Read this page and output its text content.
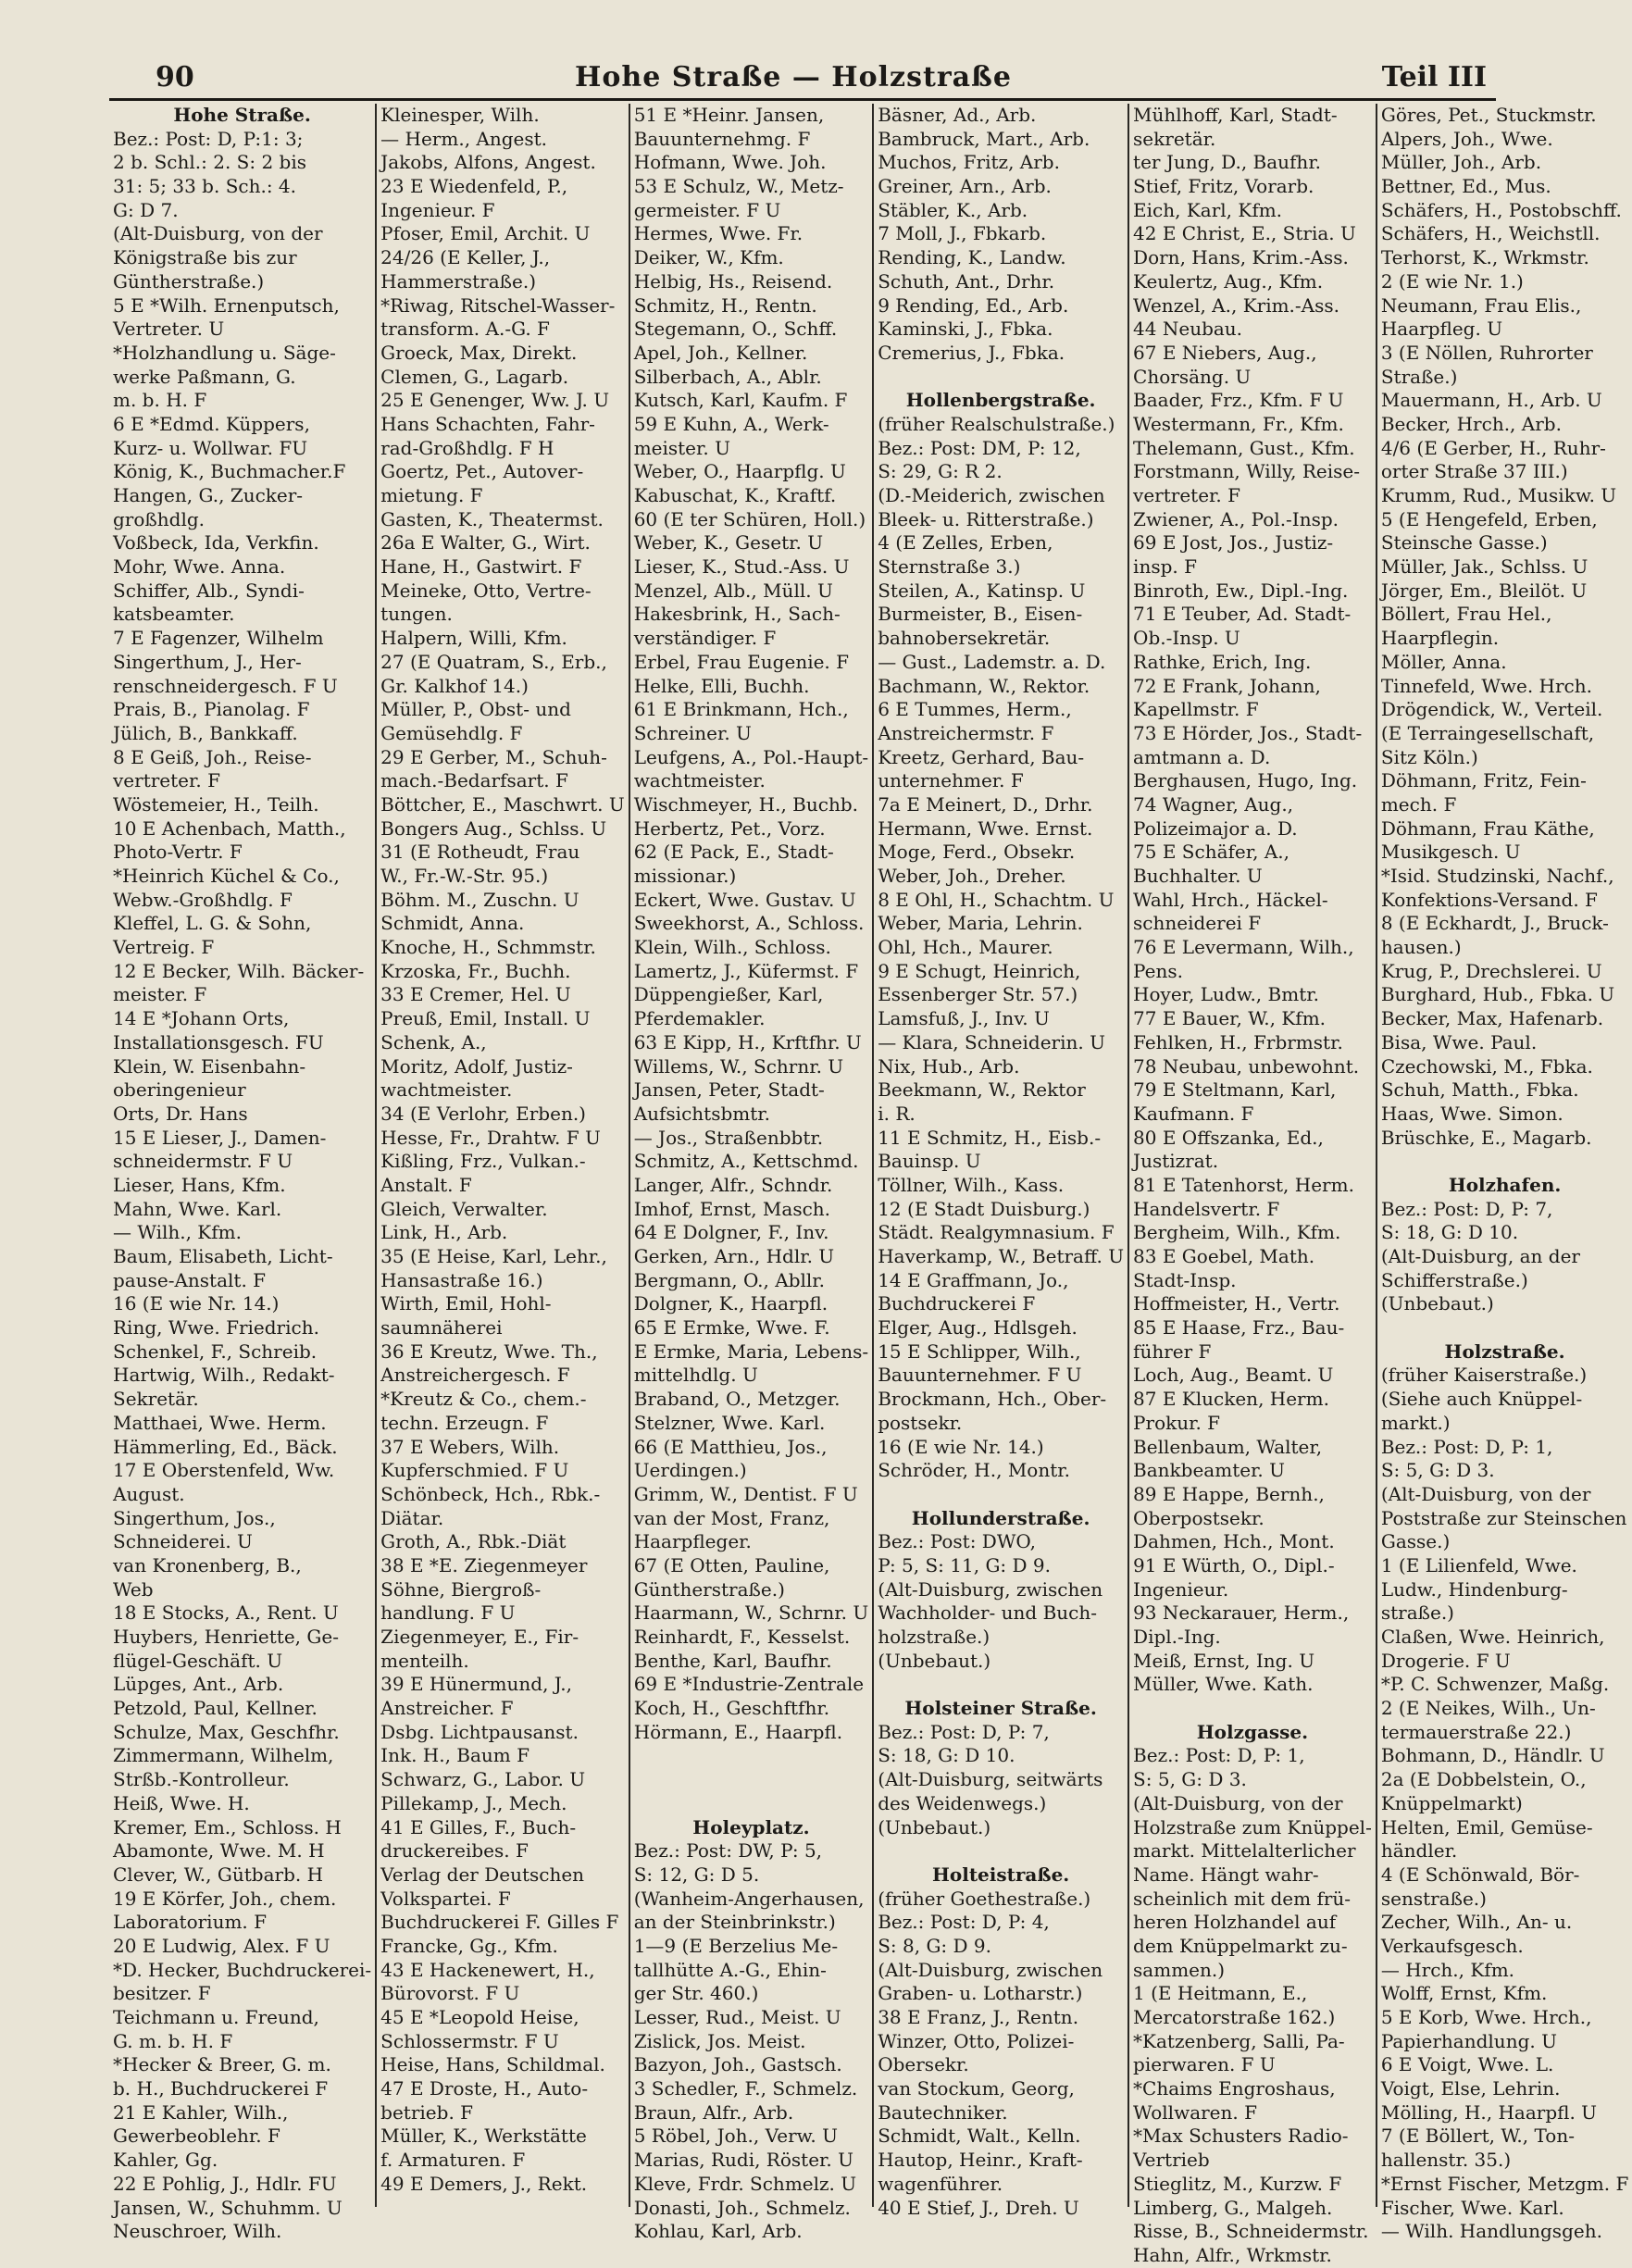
90	Hohe Straße — Holzstraße	Teil III
Hohe Straße.
Bez.: Post: D, P:1: 3;
2 b. Schl.: 2. S: 2 bis
31: 5; 33 b. Sch.: 4.
G: D 7.
(Alt-Duisburg, von der
Königstraße bis zur
Güntherstraße.)
5 E *Wilh. Ernenputsch,
Vertreter. U
*Holzhandlung u. Säge-
werke Paßmann, G.
m. b. H. F
6 E *Edmd. Küppers,
Kurz- u. Wollwar. FU
König, K., Buchmacher.F
Hangen, G., Zucker-
großhdlg.
Voßbeck, Ida, Verkfin.
Mohr, Wwe. Anna.
Schiffer, Alb., Syndi-
katsbeamter.
7 E Fagenzer, Wilhelm
Singerthum, J., Her-
renschneidergesch. F U
Prais, B., Pianolag. F
Jülich, B., Bankkaff.
8 E Geiß, Joh., Reise-
vertreter. F
Wöstemeier, H., Teilh.
10 E Achenbach, Matth.,
Photo-Vertr. F
*Heinrich Küchel & Co.,
Webw.-Großhdlg. F
Kleffel, L. G. & Sohn,
Vertreig. F
12 E Becker, Wilh. Bäcker-
meister. F
14 E *Johann Orts,
Installationsgesch. FU
Klein, W. Eisenbahn-
oberingenieur
Orts, Dr. Hans
15 E Lieser, J., Damen-
schneidermstr. F U
Lieser, Hans, Kfm.
Mahn, Wwe. Karl.
— Wilh., Kfm.
Baum, Elisabeth, Licht-
pause-Anstalt. F
16 (E wie Nr. 14.)
Ring, Wwe. Friedrich.
Schenkel, F., Schreib.
Hartwig, Wilh., Redakt-
Sekretär.
Matthaei, Wwe. Herm.
Hämmerling, Ed., Bäck.
17 E Oberstenfeld, Ww.
August.
Singerthum, Jos.,
Schneiderei. U
van Kronenberg, B.,
Web
18 E Stocks, A., Rent. U
Huybers, Henriette, Ge-
flügel-Geschäft. U
Lüpges, Ant., Arb.
Petzold, Paul, Kellner.
Schulze, Max, Geschfhr.
Zimmermann, Wilhelm,
Strßb.-Kontrolleur.
Heiß, Wwe. H.
Kremer, Em., Schloss. H
Abamonte, Wwe. M. H
Clever, W., Gütbarb. H
19 E Körfer, Joh., chem.
Laboratorium. F
20 E Ludwig, Alex. F U
*D. Hecker, Buchdruckerei-
besitzer. F
Teichmann u. Freund,
G. m. b. H. F
*Hecker & Breer, G. m.
b. H., Buchdruckerei F
21 E Kahler, Wilh.,
Gewerbeoblehr. F
Kahler, Gg.
22 E Pohlig, J., Hdlr. FU
Jansen, W., Schuhmm. U
Neuschroer, Wilh.
Kleinesper, Wilh.
— Herm., Angest.
Jakobs, Alfons, Angest.
23 E Wiedenfeld, P.,
Ingenieur. F
Pfoser, Emil, Archit. U
24/26 (E Keller, J.,
Hammerstraße.)
*Riwag, Ritschel-Wasser-
transform. A.-G. F
Groeck, Max, Direkt.
Clemen, G., Lagarb.
25 E Genenger, Ww. J. U
Hans Schachten, Fahr-
rad-Großhdlg. F H
Goertz, Pet., Autover-
mietung. F
Gasten, K., Theatermst.
26a E Walter, G., Wirt.
Hane, H., Gastwirt. F
Meineke, Otto, Vertre-
tungen.
Halpern, Willi, Kfm.
27 (E Quatram, S., Erb.,
Gr. Kalkhof 14.)
Müller, P., Obst- und
Gemüsehdlg. F
29 E Gerber, M., Schuh-
mach.-Bedarfsart. F
Böttcher, E., Maschwrt. U
Bongers Aug., Schlss. U
31 (E Rotheudt, Frau
W., Fr.-W.-Str. 95.)
Böhm. M., Zuschn. U
Schmidt, Anna.
Knoche, H., Schmmstr.
Krzoska, Fr., Buchh.
33 E Cremer, Hel. U
Preuß, Emil, Install. U
Schenk, A.,
Moritz, Adolf, Justiz-
wachtmeister.
34 (E Verlohr, Erben.)
Hesse, Fr., Drahtw. F U
Kißling, Frz., Vulkan.-
Anstalt. F
Gleich, Verwalter.
Link, H., Arb.
35 (E Heise, Karl, Lehr.,
Hansastraße 16.)
Wirth, Emil, Hohl-
saumnäherei
36 E Kreutz, Wwe. Th.,
Anstreichergesch. F
*Kreutz & Co., chem.-
techn. Erzeugn. F
37 E Webers, Wilh.
Kupferschmied. F U
Schönbeck, Hch., Rbk.-
Diätar.
Groth, A., Rbk.-Diät
38 E *E. Ziegenmeyer
Söhne, Biergroß-
handlung. F U
Ziegenmeyer, E., Fir-
menteilh.
39 E Hünermund, J.,
Anstreicher. F
Dsbg. Lichtpausanst.
Ink. H., Baum F
Schwarz, G., Labor. U
Pillekamp, J., Mech.
41 E Gilles, F., Buch-
druckereibes. F
Verlag der Deutschen
Volkspartei. F
Buchdruckerei F. Gilles F
Francke, Gg., Kfm.
43 E Hackenewert, H.,
Bürovorst. F U
45 E *Leopold Heise,
Schlossermstr. F U
Heise, Hans, Schildmal.
47 E Droste, H., Auto-
betrieb. F
Müller, K., Werkstätte
f. Armaturen. F
49 E Demers, J., Rekt.
51 E *Heinr. Jansen,
Bauunternehmg. F
Hofmann, Wwe. Joh.
53 E Schulz, W., Metz-
germeister. F U
Hermes, Wwe. Fr.
Deiker, W., Kfm.
Helbig, Hs., Reisend.
Schmitz, H., Rentn.
Stegemann, O., Schff.
Apel, Joh., Kellner.
Silberbach, A., Ablr.
Kutsch, Karl, Kaufm. F
59 E Kuhn, A., Werk-
meister. U
Weber, O., Haarpflg. U
Kabuschat, K., Kraftf.
60 (E ter Schüren, Holl.)
Weber, K., Gesetr. U
Lieser, K., Stud.-Ass. U
Menzel, Alb., Müll. U
Hakesbrink, H., Sach-
verständiger. F
Erbel, Frau Eugenie. F
Helke, Elli, Buchh.
61 E Brinkmann, Hch.,
Schreiner. U
Leufgens, A., Pol.-Haupt-
wachtmeister.
Wischmeyer, H., Buchb.
Herbertz, Pet., Vorz.
62 (E Pack, E., Stadt-
missionar.)
Eckert, Wwe. Gustav. U
Sweekhorst, A., Schloss.
Klein, Wilh., Schloss.
Lamertz, J., Küfermst. F
Düppengießer, Karl,
Pferdemakler.
63 E Kipp, H., Krftfhr. U
Willems, W., Schrnr. U
Jansen, Peter, Stadt-
Aufsichtsbmtr.
— Jos., Straßenbbtr.
Schmitz, A., Kettschmd.
Langer, Alfr., Schndr.
Imhof, Ernst, Masch.
64 E Dolgner, F., Inv.
Gerken, Arn., Hdlr. U
Bergmann, O., Abllr.
Dolgner, K., Haarpfl.
65 E Ermke, Wwe. F.
E Ermke, Maria, Lebens-
mittelhdlg. U
Braband, O., Metzger.
Stelzner, Wwe. Karl.
66 (E Matthieu, Jos.,
Uerdingen.)
Grimm, W., Dentist. F U
van der Most, Franz,
Haarpfleger.
67 (E Otten, Pauline,
Güntherstraße.)
Haarmann, W., Schrnr. U
Reinhardt, F., Kesselst.
Benthe, Karl, Baufhr.
69 E *Industrie-Zentrale
Koch, H., Geschftfhr.
Hörmann, E., Haarpfl.

Holeyplatz.
Bez.: Post: DW, P: 5,
S: 12, G: D 5.
(Wanheim-Angerhausen,
an der Steinbrinkstr.)
1—9 (E Berzelius Me-
tallhütte A.-G., Ehin-
ger Str. 460.)
Lesser, Rud., Meist. U
Zislick, Jos. Meist.
Bazyon, Joh., Gastsch.
3 Schedler, F., Schmelz.
Braun, Alfr., Arb.
5 Röbel, Joh., Verw. U
Marias, Rudi, Röster. U
Kleve, Frdr. Schmelz. U
Donasti, Joh., Schmelz.
Kohlau, Karl, Arb.
Bäsner, Ad., Arb.
Bambruck, Mart., Arb.
Muchos, Fritz, Arb.
Greiner, Arn., Arb.
Stäbler, K., Arb.
7 Moll, J., Fbkarb.
Rending, K., Landw.
Schuth, Ant., Drhr.
9 Rending, Ed., Arb.
Kaminski, J., Fbka.
Cremerius, J., Fbka.

Hollenbergstraße.
(früher Realschulstraße.)
Bez.: Post: DM, P: 12,
S: 29, G: R 2.
(D.-Meiderich, zwischen
Bleek- u. Ritterstraße.)
4 (E Zelles, Erben,
Sternstraße 3.)
Steilen, A., Katinsp. U
Burmeister, B., Eisen-
bahnobersekretär.
— Gust., Lademstr. a. D.
Bachmann, W., Rektor.
6 E Tummes, Herm.,
Anstreichermstr. F
Kreetz, Gerhard, Bau-
unternehmer. F
7a E Meinert, D., Drhr.
Hermann, Wwe. Ernst.
Moge, Ferd., Obsekr.
Weber, Joh., Dreher.
8 E Ohl, H., Schachtm. U
Weber, Maria, Lehrin.
Ohl, Hch., Maurer.
9 E Schugt, Heinrich,
Essenberger Str. 57.)
Lamsfuß, J., Inv. U
— Klara, Schneiderin. U
Nix, Hub., Arb.
Beekmann, W., Rektor
i. R.
11 E Schmitz, H., Eisb.-
Bauinsp. U
Töllner, Wilh., Kass.
12 (E Stadt Duisburg.)
Städt. Realgymnasium. F
Haverkamp, W., Betraff. U
14 E Graffmann, Jo.,
Buchdruckerei F
Elger, Aug., Hdlsgeh.
15 E Schlipper, Wilh.,
Bauunternehmer. F U
Brockmann, Hch., Ober-
postsekr.
16 (E wie Nr. 14.)
Schröder, H., Montr.

Hollunderstraße.
Bez.: Post: DWO,
P: 5, S: 11, G: D 9.
(Alt-Duisburg, zwischen
Wachholder- und Buch-
holzstraße.)
(Unbebaut.)

Holsteiner Straße.
Bez.: Post: D, P: 7,
S: 18, G: D 10.
(Alt-Duisburg, seitwärts
des Weidenwegs.)
(Unbebaut.)

Holteistraße.
(früher Goethestraße.)
Bez.: Post: D, P: 4,
S: 8, G: D 9.
(Alt-Duisburg, zwischen
Graben- u. Lotharstr.)
38 E Franz, J., Rentn.
Winzer, Otto, Polizei-
Obersekr.
van Stockum, Georg,
Bautechniker.
Schmidt, Walt., Kelln.
Hautop, Heinr., Kraft-
wagenführer.
40 E Stief, J., Dreh. U
Mühlhoff, Karl, Stadt-
sekretär.
ter Jung, D., Baufhr.
Stief, Fritz, Vorarb.
Eich, Karl, Kfm.
42 E Christ, E., Stria. U
Dorn, Hans, Krim.-Ass.
Keulertz, Aug., Kfm.
Wenzel, A., Krim.-Ass.
44 Neubau.
67 E Niebers, Aug.,
Chorsäng. U
Baader, Frz., Kfm. F U
Westermann, Fr., Kfm.
Thelemann, Gust., Kfm.
Forstmann, Willy, Reise-
vertreter. F
Zwiener, A., Pol.-Insp.
69 E Jost, Jos., Justiz-
insp. F
Binroth, Ew., Dipl.-Ing.
71 E Teuber, Ad. Stadt-
Ob.-Insp. U
Rathke, Erich, Ing.
72 E Frank, Johann,
Kapellmstr. F
73 E Hörder, Jos., Stadt-
amtmann a. D.
Berghausen, Hugo, Ing.
74 Wagner, Aug.,
Polizeimajor a. D.
75 E Schäfer, A.,
Buchhalter. U
Wahl, Hrch., Häckel-
schneiderei F
76 E Levermann, Wilh.,
Pens.
Hoyer, Ludw., Bmtr.
77 E Bauer, W., Kfm.
Fehlken, H., Frbrmstr.
78 Neubau, unbewohnt.
79 E Steltmann, Karl,
Kaufmann. F
80 E Offszanka, Ed.,
Justizrat.
81 E Tatenhorst, Herm.
Handelsvertr. F
Bergheim, Wilh., Kfm.
83 E Goebel, Math.
Stadt-Insp.
Hoffmeister, H., Vertr.
85 E Haase, Frz., Bau-
führer F
Loch, Aug., Beamt. U
87 E Klucken, Herm.
Prokur. F
Bellenbaum, Walter,
Bankbeamter. U
89 E Happe, Bernh.,
Oberpostsekr.
Dahmen, Hch., Mont.
91 E Würth, O., Dipl.-
Ingenieur.
93 Neckarauer, Herm.,
Dipl.-Ing.
Meiß, Ernst, Ing. U
Müller, Wwe. Kath.

Holzgasse.
Bez.: Post: D, P: 1,
S: 5, G: D 3.
(Alt-Duisburg, von der
Holzstraße zum Knüppel-
markt. Mittelalterlicher
Name. Hängt wahr-
scheinlich mit dem frü-
heren Holzhandel auf
dem Knüppelmarkt zu-
sammen.)
1 (E Heitmann, E.,
Mercatorstraße 162.)
*Katzenberg, Salli, Pa-
pierwaren. F U
*Chaims Engroshaus,
Wollwaren. F
*Max Schusters Radio-
Vertrieb
Stieglitz, M., Kurzw. F
Limberg, G., Malgeh.
Risse, B., Schneidermstr.
Hahn, Alfr., Wrkmstr.
Göres, Pet., Stuckmstr.
Alpers, Joh., Wwe.
Müller, Joh., Arb.
Bettner, Ed., Mus.
Schäfers, H., Postobschff.
Schäfers, H., Weichstll.
Terhorst, K., Wrkmstr.
2 (E wie Nr. 1.)
Neumann, Frau Elis.,
Haarpfleg. U
3 (E Nöllen, Ruhrorter
Straße.)
Mauermann, H., Arb. U
Becker, Hrch., Arb.
4/6 (E Gerber, H., Ruhr-
orter Straße 37 III.)
Krumm, Rud., Musikw. U
5 (E Hengefeld, Erben,
Steinsche Gasse.)
Müller, Jak., Schlss. U
Jörger, Em., Bleilöt. U
Böllert, Frau Hel.,
Haarpflegin.
Möller, Anna.
Tinnefeld, Wwe. Hrch.
Drögendick, W., Verteil.
(E Terraingesellschaft,
Sitz Köln.)
Döhmann, Fritz, Fein-
mech. F
Döhmann, Frau Käthe,
Musikgesch. U
*Isid. Studzinski, Nachf.,
Konfektions-Versand. F
8 (E Eckhardt, J., Bruck-
hausen.)
Krug, P., Drechslerei. U
Burghard, Hub., Fbka. U
Becker, Max, Hafenarb.
Bisa, Wwe. Paul.
Czechowski, M., Fbka.
Schuh, Matth., Fbka.
Haas, Wwe. Simon.
Brüschke, E., Magarb.

Holzhafen.
Bez.: Post: D, P: 7,
S: 18, G: D 10.
(Alt-Duisburg, an der
Schifferstraße.)
(Unbebaut.)

Holzstraße.
(früher Kaiserstraße.)
(Siehe auch Knüppel-
markt.)
Bez.: Post: D, P: 1,
S: 5, G: D 3.
(Alt-Duisburg, von der
Poststraße zur Steinschen
Gasse.)
1 (E Lilienfeld, Wwe.
Ludw., Hindenburg-
straße.)
Claßen, Wwe. Heinrich,
Drogerie. F U
*P. C. Schwenzer, Maßg.
2 (E Neikes, Wilh., Un-
termauerstraße 22.)
Bohmann, D., Händlr. U
2a (E Dobbelstein, O.,
Knüppelmarkt)
Helten, Emil, Gemüse-
händler.
4 (E Schönwald, Bör-
senstraße.)
Zecher, Wilh., An- u.
Verkaufsgesch.
— Hrch., Kfm.
Wolff, Ernst, Kfm.
5 E Korb, Wwe. Hrch.,
Papierhandlung. U
6 E Voigt, Wwe. L.
Voigt, Else, Lehrin.
Mölling, H., Haarpfl. U
7 (E Böllert, W., Ton-
hallenstr. 35.)
*Ernst Fischer, Metzgm. F
Fischer, Wwe. Karl.
— Wilh. Handlungsgeh.
